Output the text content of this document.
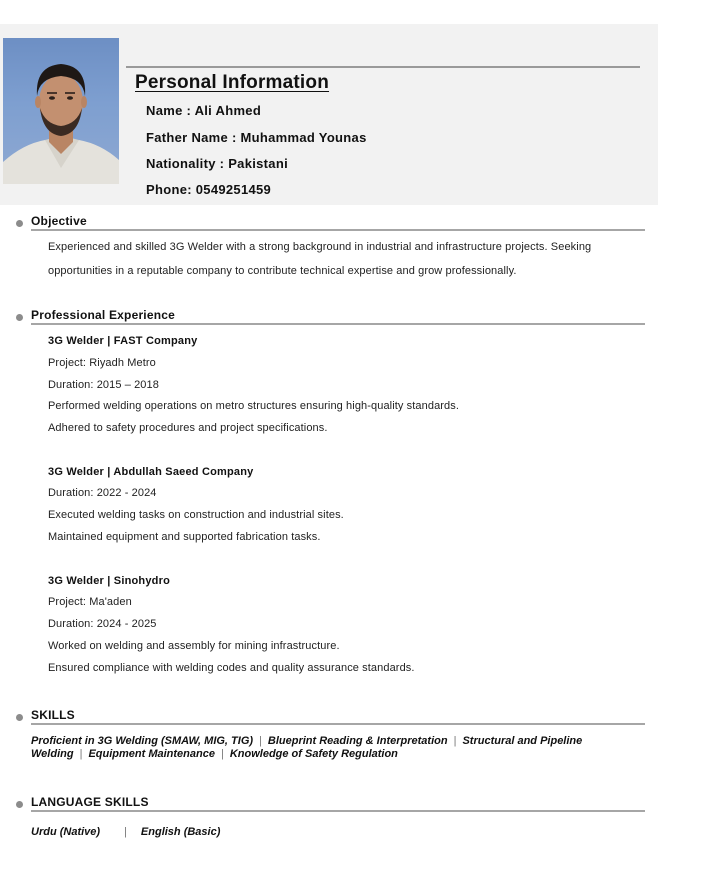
Personal Information
Name : Ali Ahmed
Father Name : Muhammad Younas
Nationality : Pakistani
Phone: 0549251459
Objective
Experienced and skilled 3G Welder with a strong background in industrial and infrastructure projects. Seeking
opportunities in a reputable company to contribute technical expertise and grow professionally.
Professional Experience
3G Welder | FAST Company
Project: Riyadh Metro
Duration: 2015 – 2018
Performed welding operations on metro structures ensuring high-quality standards.
Adhered to safety procedures and project specifications.
3G Welder | Abdullah Saeed Company
Duration: 2022 - 2024
Executed welding tasks on construction and industrial sites.
Maintained equipment and supported fabrication tasks.
3G Welder | Sinohydro
Project: Ma'aden
Duration: 2024 - 2025
Worked on welding and assembly for mining infrastructure.
Ensured compliance with welding codes and quality assurance standards.
SKILLS
Proficient in 3G Welding (SMAW, MIG, TIG) | Blueprint Reading & Interpretation | Structural and Pipeline Welding | Equipment Maintenance | Knowledge of Safety Regulation
LANGUAGE SKILLS
Urdu (Native) | English (Basic)
